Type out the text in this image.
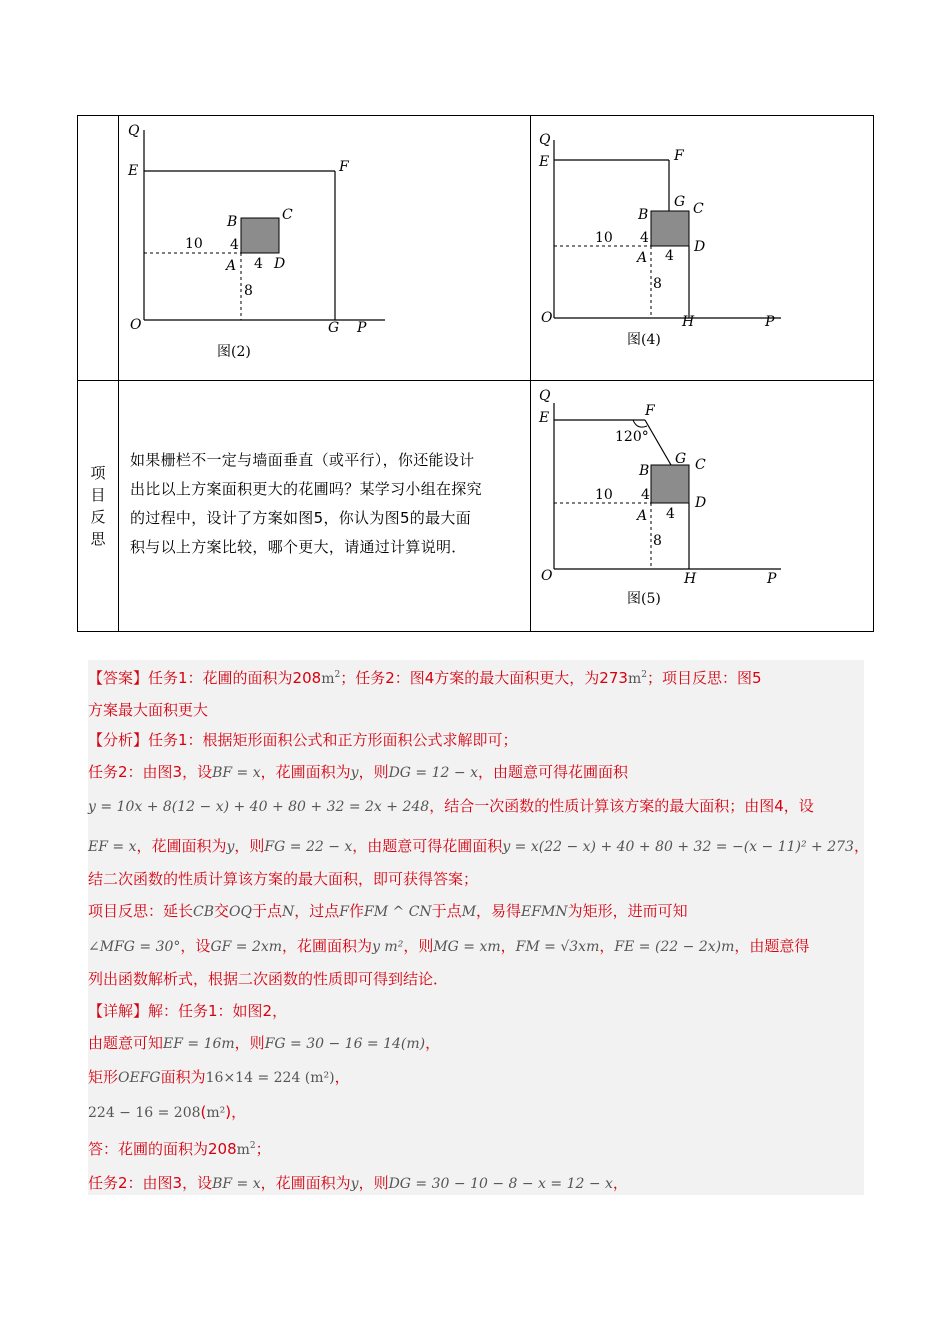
项
目
反
思
如果栅栏不一定与墙面垂直（或平行），你还能设计
出比以上方案面积更大的花圃吗？某学习小组在探究
的过程中，设计了方案如图5，你认为图5的最大面
积与以上方案比较，哪个更大，请通过计算说明．
Q
E	F
O	G P
B	C
A	D
10 4
4
8
图(2)
Q
E	F
G C
B
D
A
O	H	P
10 4
4
8
图(4)
Q
E	F
120°
G C
B
D
A
O	H	P
10 4
4
8
图(5)
【答案】任务1：花圃的面积为$208m^2$；任务2：图4方案的最大面积更大，为$273m^2$；项目反思：图5
方案最大面积更大
【分析】任务1：根据矩形面积公式和正方形面积公式求解即可；
任务2：由图3，设BF = x，花圃面积为y，则DG = 12 − x，由题意可得花圃面积
y = 10x + 8(12 − x) + 40 + 80 + 32 = 2x + 248，结合一次函数的性质计算该方案的最大面积；由图4，设
EF = x，花圃面积为y，则FG = 22 − x，由题意可得花圃面积y = x(22 − x) + 40 + 80 + 32 = −(x − 11)² + 273，
结二次函数的性质计算该方案的最大面积，即可获得答案；
项目反思：延长CB交OQ于点N，过点F作FM ^ CN于点M，易得EFMN为矩形，进而可知
∠MFG = 30°，设GF = 2xm，花圃面积为y m²，则MG = xm，FM = √3xm，FE = (22 − 2x)m，由题意得
列出函数解析式，根据二次函数的性质即可得到结论．
【详解】解：任务1：如图2，
由题意可知EF = 16m，则FG = 30 − 16 = 14(m)，
矩形OEFG面积为16×14 = 224 (m²)，
224 − 16 = 208(m²)，
答：花圃的面积为$208m^2$；
任务2：由图3，设BF = x，花圃面积为y，则DG = 30 − 10 − 8 − x = 12 − x，
